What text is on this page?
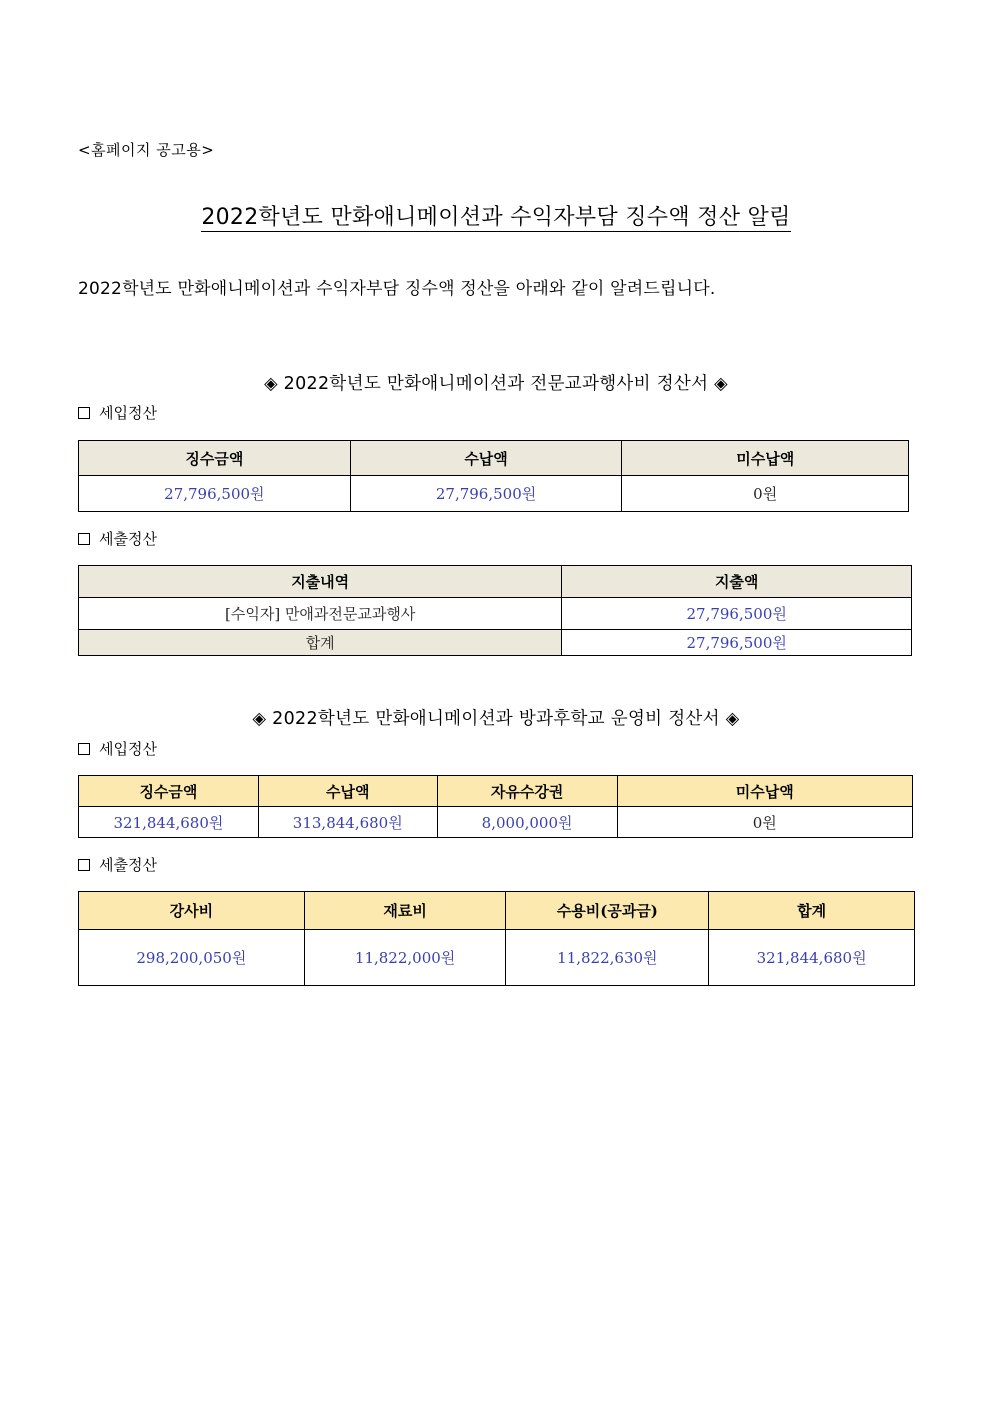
<홈페이지 공고용>
2022학년도 만화애니메이션과 수익자부담 징수액 정산 알림
2022학년도 만화애니메이션과 수익자부담 징수액 정산을 아래와 같이 알려드립니다.
◈ 2022학년도 만화애니메이션과 전문교과행사비 정산서 ◈
세입정산
징수금액	수납액	미수납액
27,796,500원	27,796,500원	0원
세출정산
지출내역	지출액
[수익자] 만애과전문교과행사	27,796,500원
합계	27,796,500원
◈ 2022학년도 만화애니메이션과 방과후학교 운영비 정산서 ◈
세입정산
징수금액	수납액	자유수강권	미수납액
321,844,680원	313,844,680원	8,000,000원	0원
세출정산
강사비	재료비	수용비(공과금)	합계
298,200,050원	11,822,000원	11,822,630원	321,844,680원
